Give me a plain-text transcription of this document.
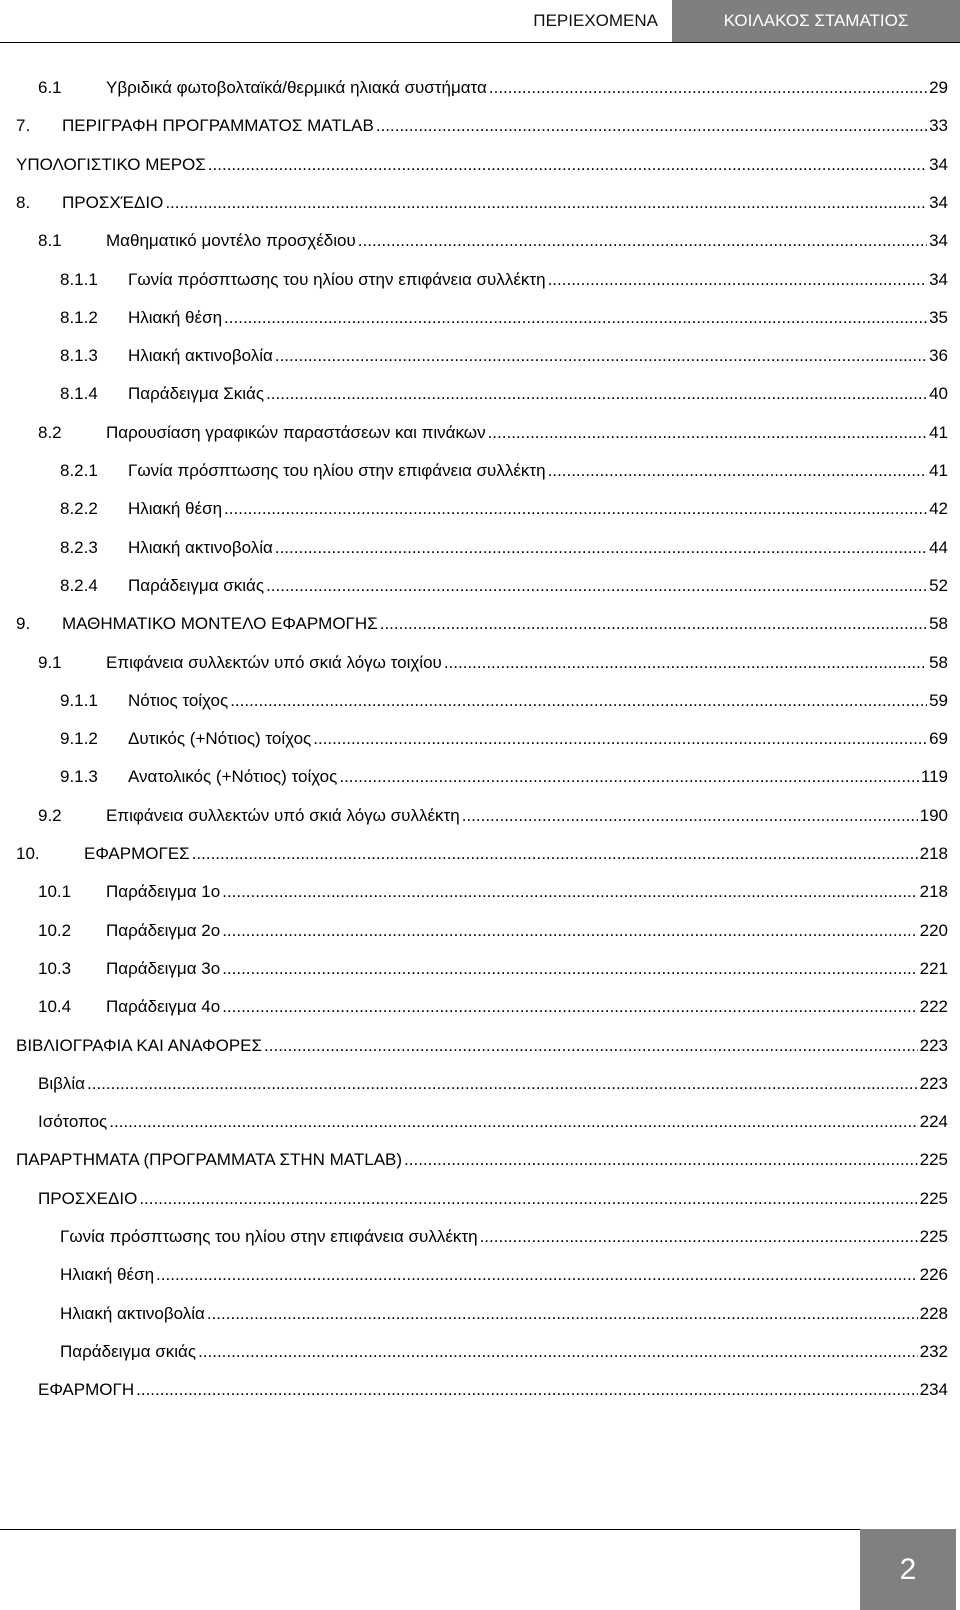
ΠΕΡΙΕΧΟΜΕΝΑ	ΚΟΙΛΑΚΟΣ ΣΤΑΜΑΤΙΟΣ
6.1	Υβριδικά φωτοβολταϊκά/θερμικά ηλιακά συστήματα .....	29
7.	ΠΕΡΙΓΡΑΦΗ ΠΡΟΓΡΑΜΜΑΤΟΣ MATLAB .....	33
ΥΠΟΛΟΓΙΣΤΙΚΟ ΜΕΡΟΣ .....	34
8.	ΠΡΟΣΧΈΔΙΟ .....	34
8.1	Μαθηματικό μοντέλο προσχέδιου .....	34
8.1.1	Γωνία πρόσπτωσης του ηλίου στην επιφάνεια συλλέκτη .....	34
8.1.2	Ηλιακή θέση .....	35
8.1.3	Ηλιακή ακτινοβολία .....	36
8.1.4	Παράδειγμα Σκιάς .....	40
8.2	Παρουσίαση γραφικών παραστάσεων και πινάκων .....	41
8.2.1	Γωνία πρόσπτωσης του ηλίου στην επιφάνεια συλλέκτη .....	41
8.2.2	Ηλιακή θέση .....	42
8.2.3	Ηλιακή ακτινοβολία .....	44
8.2.4	Παράδειγμα σκιάς .....	52
9.	ΜΑΘΗΜΑΤΙΚΟ ΜΟΝΤΕΛΟ ΕΦΑΡΜΟΓΗΣ .....	58
9.1	Επιφάνεια συλλεκτών υπό σκιά λόγω τοιχίου .....	58
9.1.1	Νότιος τοίχος .....	59
9.1.2	Δυτικός (+Νότιος) τοίχος .....	69
9.1.3	Ανατολικός (+Νότιος) τοίχος .....	119
9.2	Επιφάνεια συλλεκτών υπό σκιά λόγω συλλέκτη .....	190
10.	ΕΦΑΡΜΟΓΕΣ .....	218
10.1	Παράδειγμα 1ο .....	218
10.2	Παράδειγμα 2ο .....	220
10.3	Παράδειγμα 3ο .....	221
10.4	Παράδειγμα 4ο .....	222
ΒΙΒΛΙΟΓΡΑΦΙΑ ΚΑΙ ΑΝΑΦΟΡΕΣ .....	223
Βιβλία .....	223
Ισότοπος .....	224
ΠΑΡΑΡΤΗΜΑΤΑ (ΠΡΟΓΡΑΜΜΑΤΑ ΣΤΗΝ MATLAB) .....	225
ΠΡΟΣΧΕΔΙΟ .....	225
Γωνία πρόσπτωσης του ηλίου στην επιφάνεια συλλέκτη .....	225
Ηλιακή θέση .....	226
Ηλιακή ακτινοβολία .....	228
Παράδειγμα σκιάς .....	232
ΕΦΑΡΜΟΓΗ .....	234
2
